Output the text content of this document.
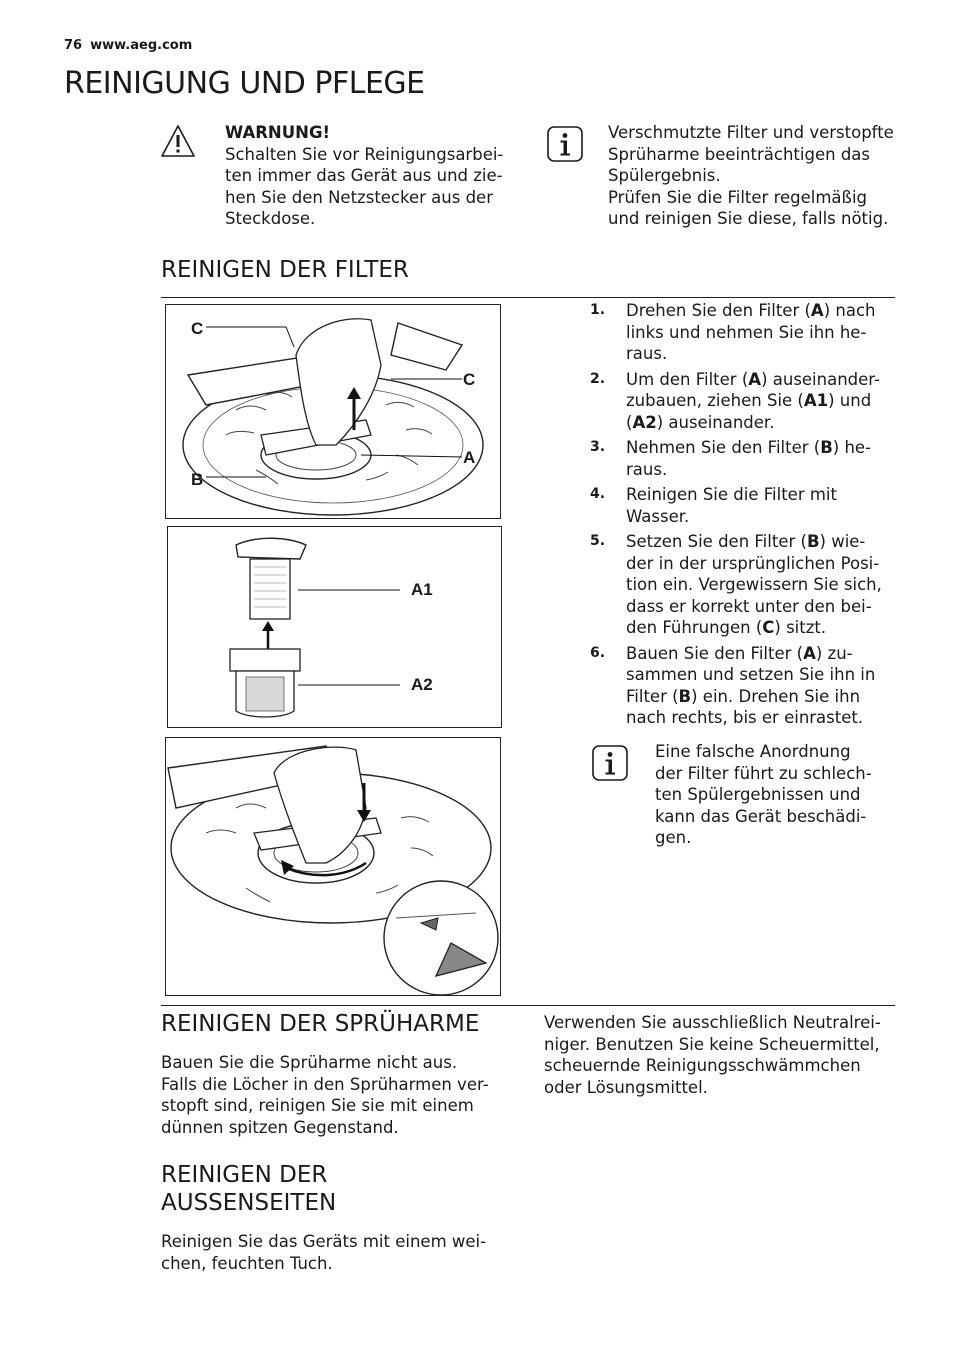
76 www.aeg.com
REINIGUNG UND PFLEGE
WARNUNG!
Schalten Sie vor Reinigungsarbei-
ten immer das Gerät aus und zie-
hen Sie den Netzstecker aus der
Steckdose.
Verschmutzte Filter und verstopfte
Sprüharme beeinträchtigen das
Spülergebnis.
Prüfen Sie die Filter regelmäßig
und reinigen Sie diese, falls nötig.
REINIGEN DER FILTER
C
C
A
B
A1
A2
1. Drehen Sie den Filter (A) nach
links und nehmen Sie ihn he-
raus.
2. Um den Filter (A) auseinander-
zubauen, ziehen Sie (A1) und
(A2) auseinander.
3. Nehmen Sie den Filter (B) he-
raus.
4. Reinigen Sie die Filter mit
Wasser.
5. Setzen Sie den Filter (B) wie-
der in der ursprünglichen Posi-
tion ein. Vergewissern Sie sich,
dass er korrekt unter den bei-
den Führungen (C) sitzt.
6. Bauen Sie den Filter (A) zu-
sammen und setzen Sie ihn in
Filter (B) ein. Drehen Sie ihn
nach rechts, bis er einrastet.
Eine falsche Anordnung
der Filter führt zu schlech-
ten Spülergebnissen und
kann das Gerät beschädi-
gen.
REINIGEN DER SPRÜHARME
Bauen Sie die Sprüharme nicht aus.
Falls die Löcher in den Sprüharmen ver-
stopft sind, reinigen Sie sie mit einem
dünnen spitzen Gegenstand.
REINIGEN DER
AUSSENSEITEN
Reinigen Sie das Geräts mit einem wei-
chen, feuchten Tuch.
Verwenden Sie ausschließlich Neutralrei-
niger. Benutzen Sie keine Scheuermittel,
scheuernde Reinigungsschwämmchen
oder Lösungsmittel.
